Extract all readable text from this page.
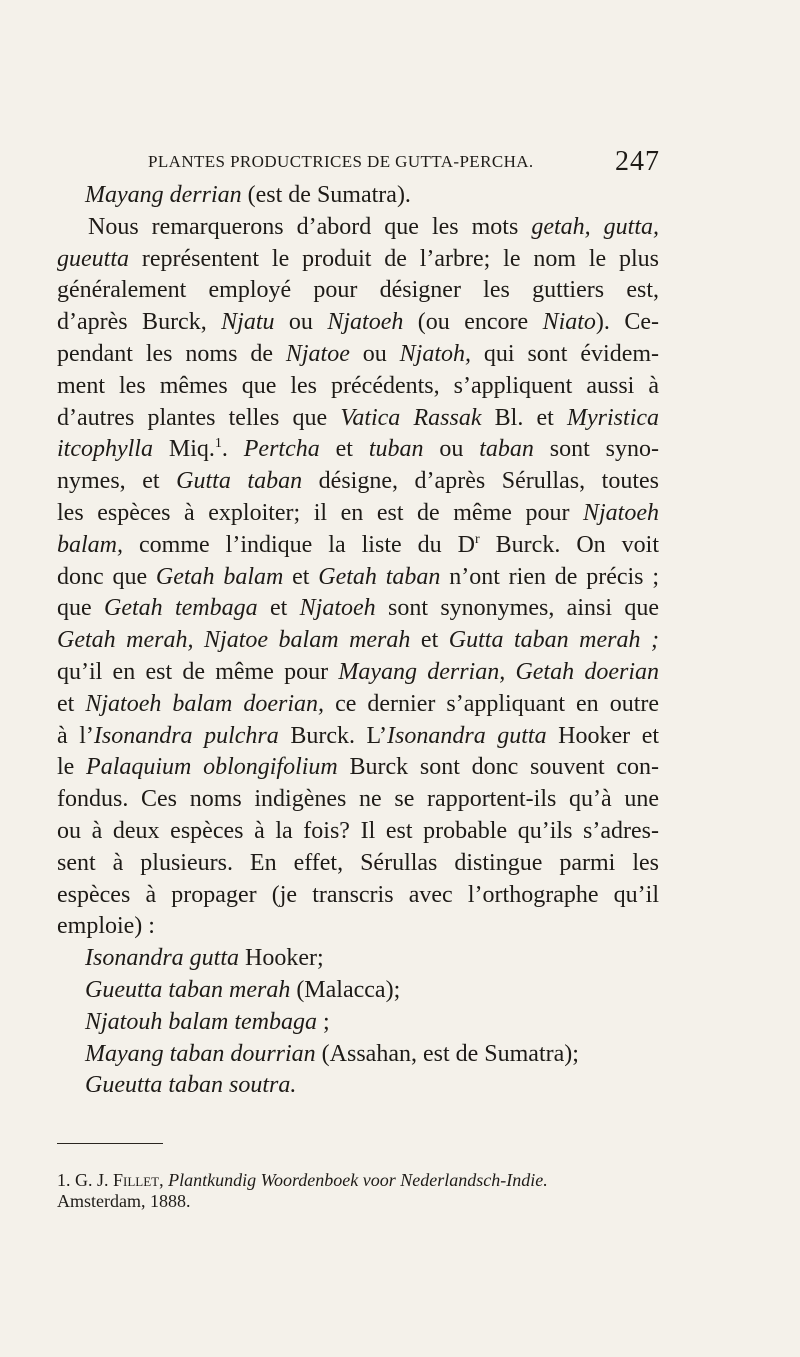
PLANTES PRODUCTRICES DE GUTTA-PERCHA.	247
Mayang derrian (est de Sumatra).
Nous remarquerons d’abord que les mots getah, gutta,
gueutta représentent le produit de l’arbre; le nom le plus
généralement employé pour désigner les guttiers est,
d’après Burck, Njatu ou Njatoeh (ou encore Niato). Ce-
pendant les noms de Njatoe ou Njatoh, qui sont évidem-
ment les mêmes que les précédents, s’appliquent aussi à
d’autres plantes telles que Vatica Rassak Bl. et Myristica
itcophylla Miq.$^1$. Pertcha et tuban ou taban sont syno-
nymes, et Gutta taban désigne, d’après Sérullas, toutes
les espèces à exploiter; il en est de même pour Njatoeh
balam, comme l’indique la liste du $D^r$ Burck. On voit
donc que Getah balam et Getah taban n’ont rien de précis ;
que Getah tembaga et Njatoeh sont synonymes, ainsi que
Getah merah, Njatoe balam merah et Gutta taban merah ;
qu’il en est de même pour Mayang derrian, Getah doerian
et Njatoeh balam doerian, ce dernier s’appliquant en outre
à l’Isonandra pulchra Burck. L’Isonandra gutta Hooker et
le Palaquium oblongifolium Burck sont donc souvent con-
fondus. Ces noms indigènes ne se rapportent-ils qu’à une
ou à deux espèces à la fois? Il est probable qu’ils s’adres-
sent à plusieurs. En effet, Sérullas distingue parmi les
espèces à propager (je transcris avec l’orthographe qu’il
emploie) :
Isonandra gutta Hooker;
Gueutta taban merah (Malacca);
Njatouh balam tembaga ;
Mayang taban dourrian (Assahan, est de Sumatra);
Gueutta taban soutra.
1. G. J. Fillet, Plantkundig Woordenboek voor Nederlandsch-Indie.
Amsterdam, 1888.
